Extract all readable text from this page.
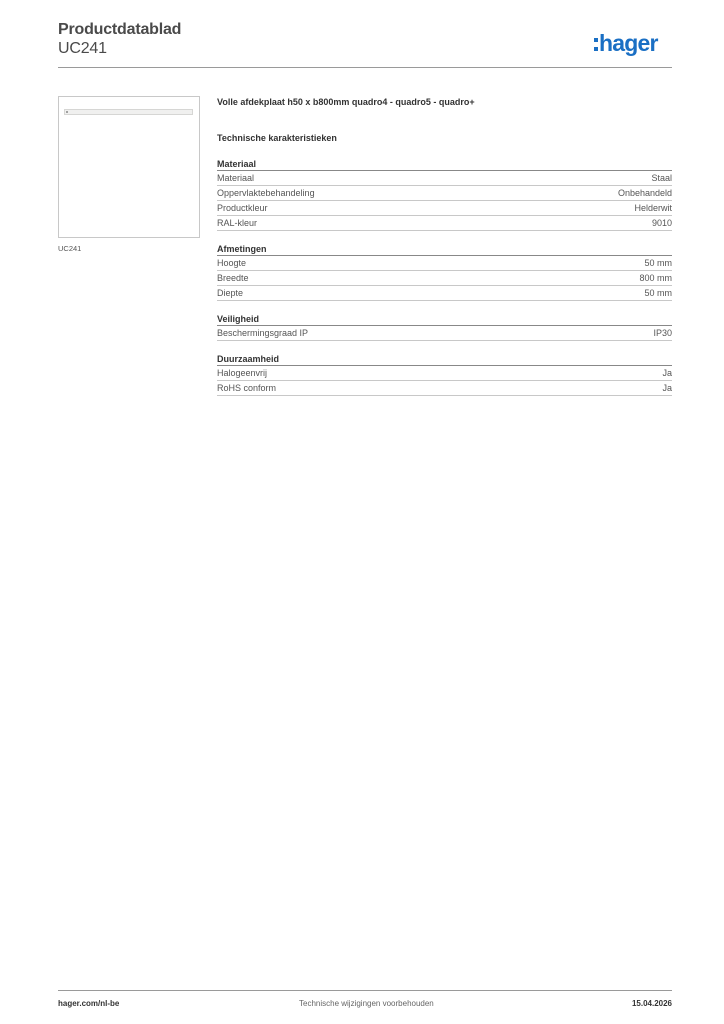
Productdatablad
UC241	hager
UC241
Volle afdekplaat h50 x b800mm quadro4 - quadro5 - quadro+
Technische karakteristieken
Materiaal
Materiaal	Staal
Oppervlaktebehandeling	Onbehandeld
Productkleur	Helderwit
RAL-kleur	9010
Afmetingen
Hoogte	50 mm
Breedte	800 mm
Diepte	50 mm
Veiligheid
Beschermingsgraad IP	IP30
Duurzaamheid
Halogeenvrij	Ja
RoHS conform	Ja
hager.com/nl-be	Technische wijzigingen voorbehouden	15.04.2026
